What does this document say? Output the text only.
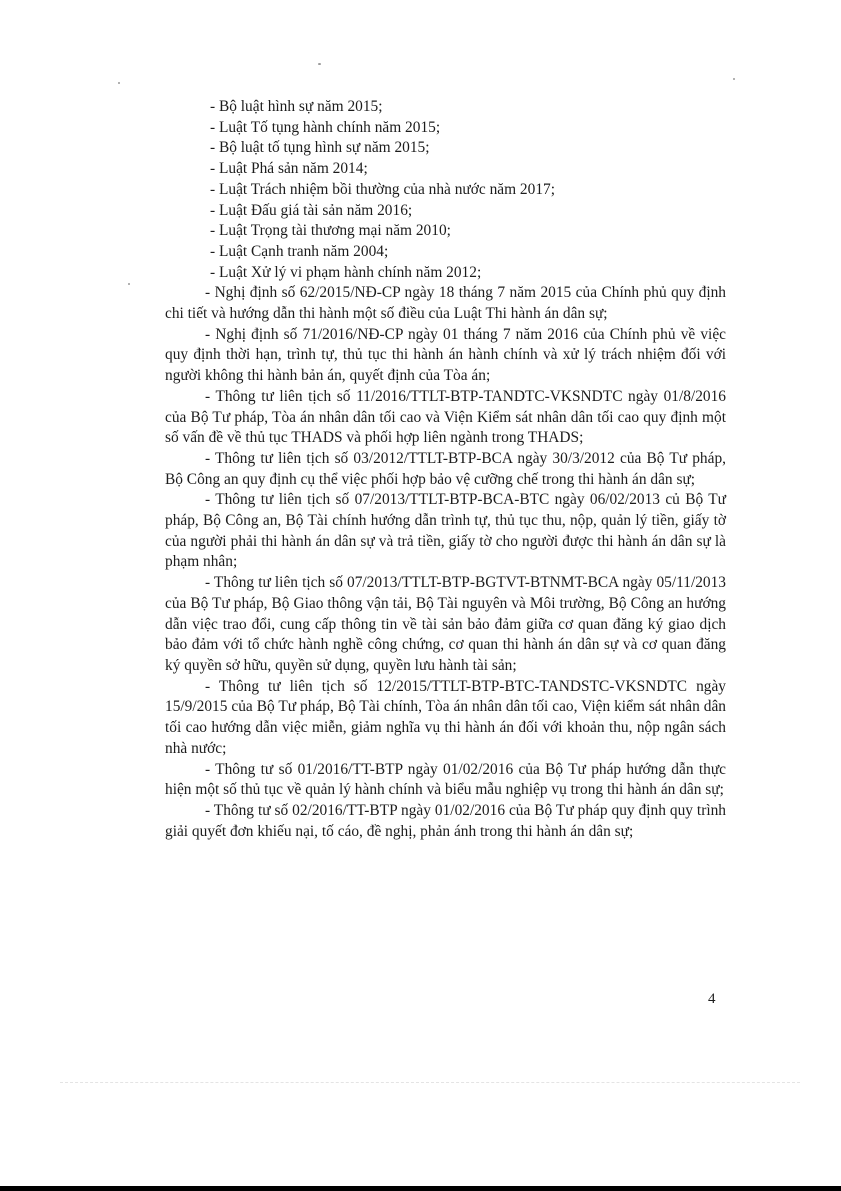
- Bộ luật hình sự năm 2015;

- Luật Tố tụng hành chính năm 2015;

- Bộ luật tố tụng hình sự năm 2015;

- Luật Phá sản năm 2014;

- Luật Trách nhiệm bồi thường của nhà nước năm 2017;

- Luật Đấu giá tài sản năm 2016;

- Luật Trọng tài thương mại năm 2010;

- Luật Cạnh tranh năm 2004;

- Luật Xử lý vi phạm hành chính năm 2012;

- Nghị định số 62/2015/NĐ-CP ngày 18 tháng 7 năm 2015 của Chính phủ quy định chi tiết và hướng dẫn thi hành một số điều của Luật Thi hành án dân sự;

- Nghị định số 71/2016/NĐ-CP ngày 01 tháng 7 năm 2016 của Chính phủ về việc quy định thời hạn, trình tự, thủ tục thi hành án hành chính và xử lý trách nhiệm đối với người không thi hành bản án, quyết định của Tòa án;

- Thông tư liên tịch số 11/2016/TTLT-BTP-TANDTC-VKSNDTC ngày 01/8/2016 của Bộ Tư pháp, Tòa án nhân dân tối cao và Viện Kiểm sát nhân dân tối cao quy định một số vấn đề về thủ tục THADS và phối hợp liên ngành trong THADS;

- Thông tư liên tịch số 03/2012/TTLT-BTP-BCA ngày 30/3/2012 của Bộ Tư pháp, Bộ Công an quy định cụ thể việc phối hợp bảo vệ cưỡng chế trong thi hành án dân sự;

- Thông tư liên tịch số 07/2013/TTLT-BTP-BCA-BTC ngày 06/02/2013 củ Bộ Tư pháp, Bộ Công an, Bộ Tài chính hướng dẫn trình tự, thủ tục thu, nộp, quản lý tiền, giấy tờ của người phải thi hành án dân sự và trả tiền, giấy tờ cho người được thi hành án dân sự là phạm nhân;

- Thông tư liên tịch số 07/2013/TTLT-BTP-BGTVT-BTNMT-BCA ngày 05/11/2013 của Bộ Tư pháp, Bộ Giao thông vận tải, Bộ Tài nguyên và Môi trường, Bộ Công an hướng dẫn việc trao đổi, cung cấp thông tin về tài sản bảo đảm giữa cơ quan đăng ký giao dịch bảo đảm với tổ chức hành nghề công chứng, cơ quan thi hành án dân sự và cơ quan đăng ký quyền sở hữu, quyền sử dụng, quyền lưu hành tài sản;

- Thông tư liên tịch số 12/2015/TTLT-BTP-BTC-TANDSTC-VKSNDTC ngày 15/9/2015 của Bộ Tư pháp, Bộ Tài chính, Tòa án nhân dân tối cao, Viện kiểm sát nhân dân tối cao hướng dẫn việc miễn, giảm nghĩa vụ thi hành án đối với khoản thu, nộp ngân sách nhà nước;

- Thông tư số 01/2016/TT-BTP ngày 01/02/2016 của Bộ Tư pháp hướng dẫn thực hiện một số thủ tục về quản lý hành chính và biểu mẫu nghiệp vụ trong thi hành án dân sự;

- Thông tư số 02/2016/TT-BTP ngày 01/02/2016 của Bộ Tư pháp quy định quy trình giải quyết đơn khiếu nại, tố cáo, đề nghị, phản ánh trong thi hành án dân sự;

4
